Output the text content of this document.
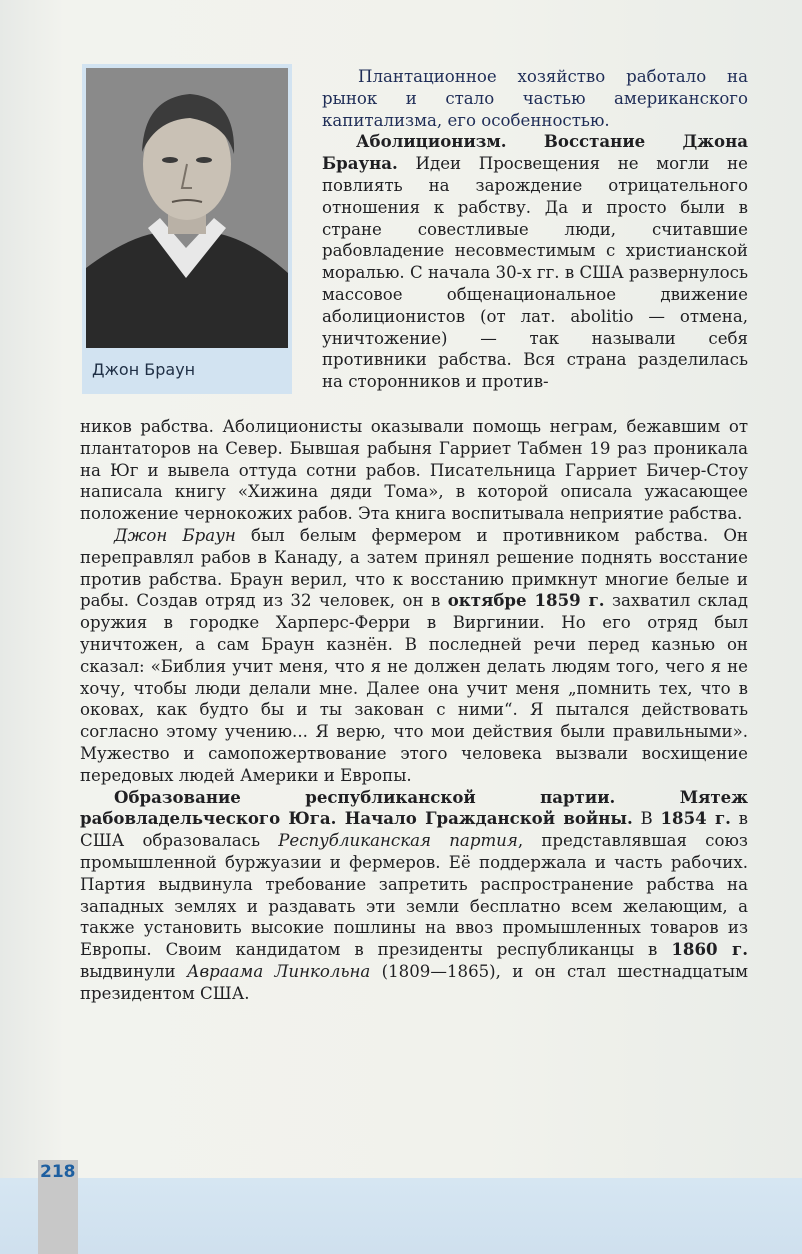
Джон Браун

Плантационное хозяйство работало на рынок и стало частью американского капитализма, его особенностью.

Аболиционизм. Восстание Джона Брауна. Идеи Просвещения не могли не повлиять на зарождение отрицательного отношения к рабству. Да и просто были в стране совестливые люди, считавшие рабовладение несовместимым с христианской моралью. С начала 30-х гг. в США развернулось массовое общенациональное движение аболиционистов (от лат. abolitio — отмена, уничтожение) — так называли себя противники рабства. Вся страна разделилась на сторонников и против-

ников рабства. Аболиционисты оказывали помощь неграм, бежавшим от плантаторов на Север. Бывшая рабыня Гарриет Табмен 19 раз проникала на Юг и вывела оттуда сотни рабов. Писательница Гарриет Бичер-Стоу написала книгу «Хижина дяди Тома», в которой описала ужасающее положение чернокожих рабов. Эта книга воспитывала неприятие рабства.

Джон Браун был белым фермером и противником рабства. Он переправлял рабов в Канаду, а затем принял решение поднять восстание против рабства. Браун верил, что к восстанию примкнут многие белые и рабы. Создав отряд из 32 человек, он в октябре 1859 г. захватил склад оружия в городке Харперс-Ферри в Виргинии. Но его отряд был уничтожен, а сам Браун казнён. В последней речи перед казнью он сказал: «Библия учит меня, что я не должен делать людям того, чего я не хочу, чтобы люди делали мне. Далее она учит меня „помнить тех, что в оковах, как будто бы и ты закован с ними“. Я пытался действовать согласно этому учению... Я верю, что мои действия были правильными». Мужество и самопожертвование этого человека вызвали восхищение передовых людей Америки и Европы.

Образование республиканской партии. Мятеж рабовладельческого Юга. Начало Гражданской войны. В 1854 г. в США образовалась Республиканская партия, представлявшая союз промышленной буржуазии и фермеров. Её поддержала и часть рабочих. Партия выдвинула требование запретить распространение рабства на западных землях и раздавать эти земли бесплатно всем желающим, а также установить высокие пошлины на ввоз промышленных товаров из Европы. Своим кандидатом в президенты республиканцы в 1860 г. выдвинули Авраама Линкольна (1809—1865), и он стал шестнадцатым президентом США.

218
